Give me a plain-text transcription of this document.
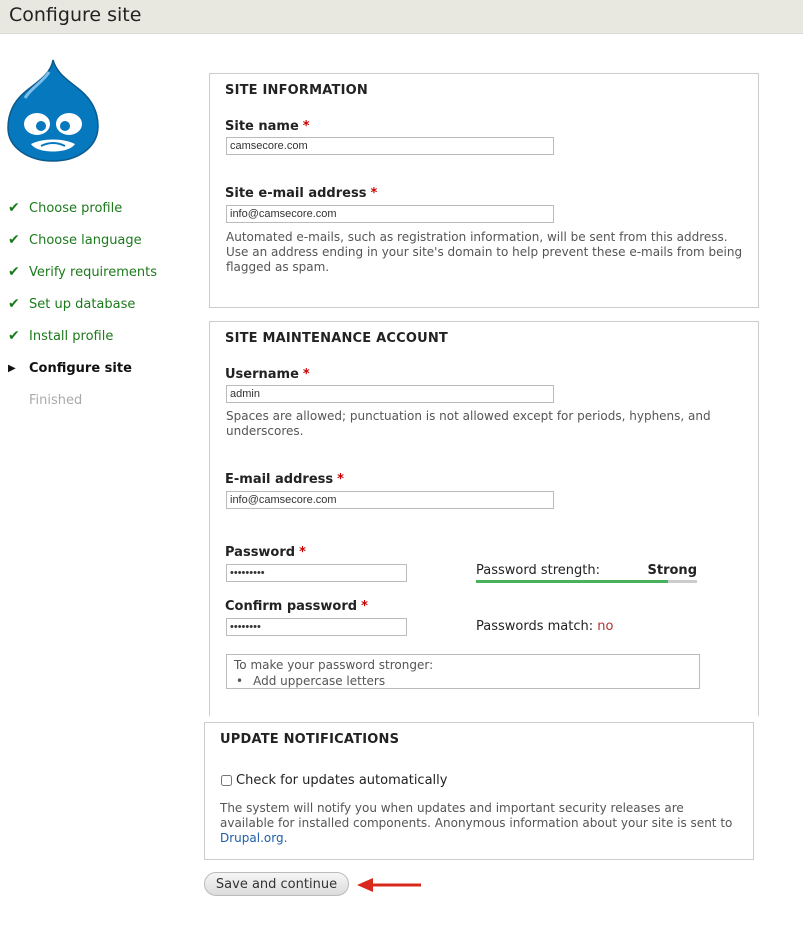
Configure site
✔ Choose profile
✔ Choose language
✔ Verify requirements
✔ Set up database
✔ Install profile
▶	Configure site
Finished
SITE INFORMATION
Site name *
camsecore.com
Site e-mail address *
info@camsecore.com
Automated e-mails, such as registration information, will be sent from this address. Use an address ending in your site's domain to help prevent these e-mails from being flagged as spam.
SITE MAINTENANCE ACCOUNT
Username *
admin
Spaces are allowed; punctuation is not allowed except for periods, hyphens, and underscores.
E-mail address *
info@camsecore.com
Password *
•••••••••
Password strength:	Strong
Confirm password *
••••••••
Passwords match: no
To make your password stronger:
• Add uppercase letters
UPDATE NOTIFICATIONS
Check for updates automatically
The system will notify you when updates and important security releases are available for installed components. Anonymous information about your site is sent to Drupal.org.
Save and continue
